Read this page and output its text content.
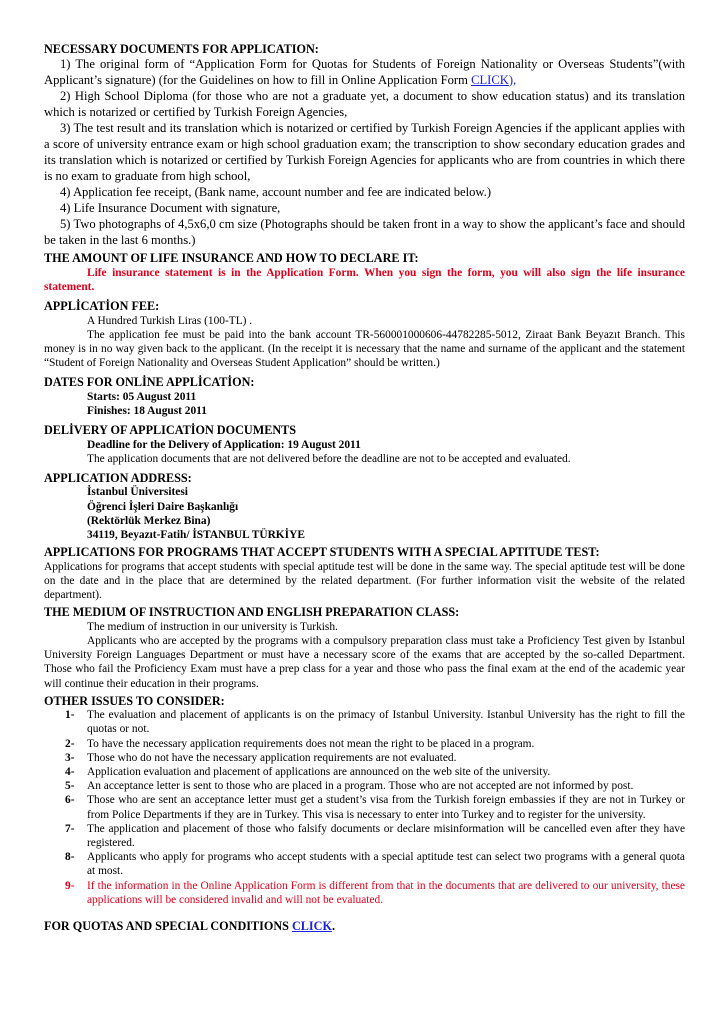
NECESSARY DOCUMENTS FOR APPLICATION:

1) The original form of “Application Form for Quotas for Students of Foreign Nationality or Overseas Students”(with Applicant’s signature) (for the Guidelines on how to fill in Online Application Form CLICK),

2) High School Diploma (for those who are not a graduate yet, a document to show education status) and its translation which is notarized or certified by Turkish Foreign Agencies,

3) The test result and its translation which is notarized or certified by Turkish Foreign Agencies if the applicant applies with a score of university entrance exam or high school graduation exam; the transcription to show secondary education grades and its translation which is notarized or certified by Turkish Foreign Agencies for applicants who are from countries in which there is no exam to graduate from high school,

4) Application fee receipt, (Bank name, account number and fee are indicated below.)

4) Life Insurance Document with signature,

5) Two photographs of 4,5x6,0 cm size (Photographs should be taken front in a way to show the applicant’s face and should be taken in the last 6 months.)

THE AMOUNT OF LIFE INSURANCE AND HOW TO DECLARE IT:

Life insurance statement is in the Application Form. When you sign the form, you will also sign the life insurance statement.

APPLİCATİON FEE:

A Hundred Turkish Liras (100-TL) .

The application fee must be paid into the bank account TR-560001000606-44782285-5012, Ziraat Bank Beyazıt Branch. This money is in no way given back to the applicant. (In the receipt it is necessary that the name and surname of the applicant and the statement “Student of Foreign Nationality and Overseas Student Application” should be written.)

DATES FOR ONLİNE APPLİCATİON:

Starts: 05 August 2011

Finishes: 18 August 2011

DELİVERY OF APPLICATİON DOCUMENTS

Deadline for the Delivery of Application: 19 August 2011

The application documents that are not delivered before the deadline are not to be accepted and evaluated.

APPLICATION ADDRESS:

İstanbul Üniversitesi

Öğrenci İşleri Daire Başkanlığı

(Rektörlük Merkez Bina)

34119, Beyazıt-Fatih/ İSTANBUL TÜRKİYE

APPLICATIONS FOR PROGRAMS THAT ACCEPT STUDENTS WITH A SPECIAL APTITUDE TEST:

Applications for programs that accept students with special aptitude test will be done in the same way. The special aptitude test will be done on the date and in the place that are determined by the related department. (For further information visit the website of the related department).

THE MEDIUM OF INSTRUCTION AND ENGLISH PREPARATION CLASS:

The medium of instruction in our university is Turkish.

Applicants who are accepted by the programs with a compulsory preparation class must take a Proficiency Test given by Istanbul University Foreign Languages Department or must have a necessary score of the exams that are accepted by the so-called Department. Those who fail the Proficiency Exam must have a prep class for a year and those who pass the final exam at the end of the academic year will continue their education in their programs.

OTHER ISSUES TO CONSIDER:

1- The evaluation and placement of applicants is on the primacy of Istanbul University. Istanbul University has the right to fill the quotas or not.
2- To have the necessary application requirements does not mean the right to be placed in a program.
3- Those who do not have the necessary application requirements are not evaluated.
4- Application evaluation and placement of applications are announced on the web site of the university.
5- An acceptance letter is sent to those who are placed in a program. Those who are not accepted are not informed by post.
6- Those who are sent an acceptance letter must get a student’s visa from the Turkish foreign embassies if they are not in Turkey or from Police Departments if they are in Turkey. This visa is necessary to enter into Turkey and to register for the university.
7- The application and placement of those who falsify documents or declare misinformation will be cancelled even after they have registered.
8- Applicants who apply for programs who accept students with a special aptitude test can select two programs with a general quota at most.
9- If the information in the Online Application Form is different from that in the documents that are delivered to our university, these applications will be considered invalid and will not be evaluated.

FOR QUOTAS AND SPECIAL CONDITIONS CLICK.
